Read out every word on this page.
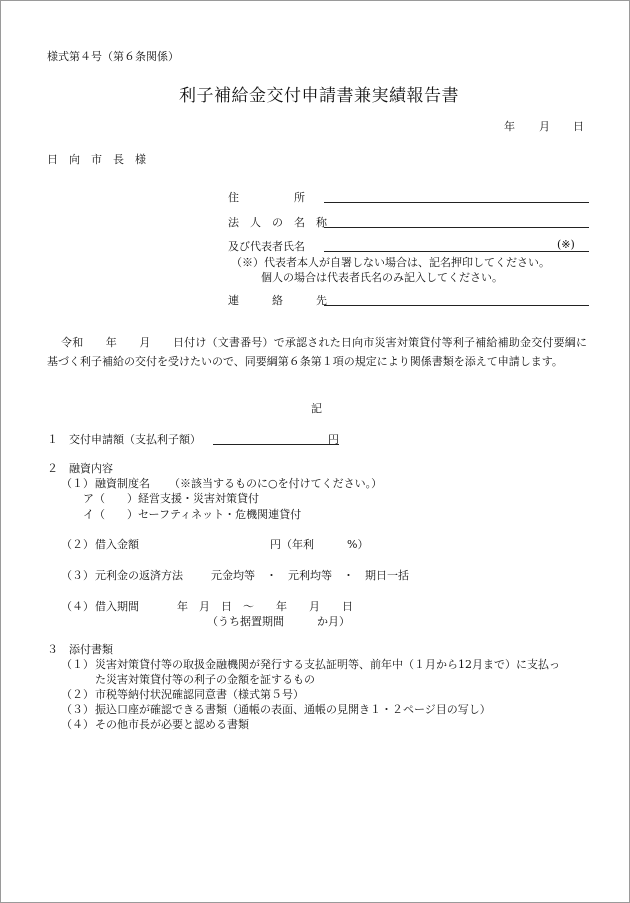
様式第４号（第６条関係）
利子補給金交付申請書兼実績報告書
年 月 日
日　向　市　長　様
住　　　　　所
法　人　の　名　称
及び代表者氏名	(※)
（※）代表者本人が自署しない場合は、記名押印してください。
個人の場合は代表者氏名のみ記入してください。
連　　　絡　　　先
令和　　年　　月　　日付け（文書番号）で承認された日向市災害対策貸付等利子補給補助金交付要綱に基づく利子補給の交付を受けたいので、同要綱第６条第１項の規定により関係書類を添えて申請します。
記
１　交付申請額（支払利子額）	円
２　融資内容
（１） 融資制度名 （※該当するものに○を付けてください。）
ア（　　）経営支援・災害対策貸付
イ（　　）セーフティネット・危機関連貸付
（２） 借入金額	円（年利　　　%）
（３） 元利金の返済方法	元金均等　・　元利均等　・　期日一括
（４） 借入期間	年　月　日　～　　年　　月　　日
（うち据置期間　　　か月）
３　添付書類
（１） 災害対策貸付等の取扱金融機関が発行する支払証明等、前年中（１月から12月まで）に支払っ
た災害対策貸付等の利子の金額を証するもの
（２） 市税等納付状況確認同意書（様式第５号）
（３） 振込口座が確認できる書類（通帳の表面、通帳の見開き１・２ページ目の写し）
（４） その他市長が必要と認める書類
